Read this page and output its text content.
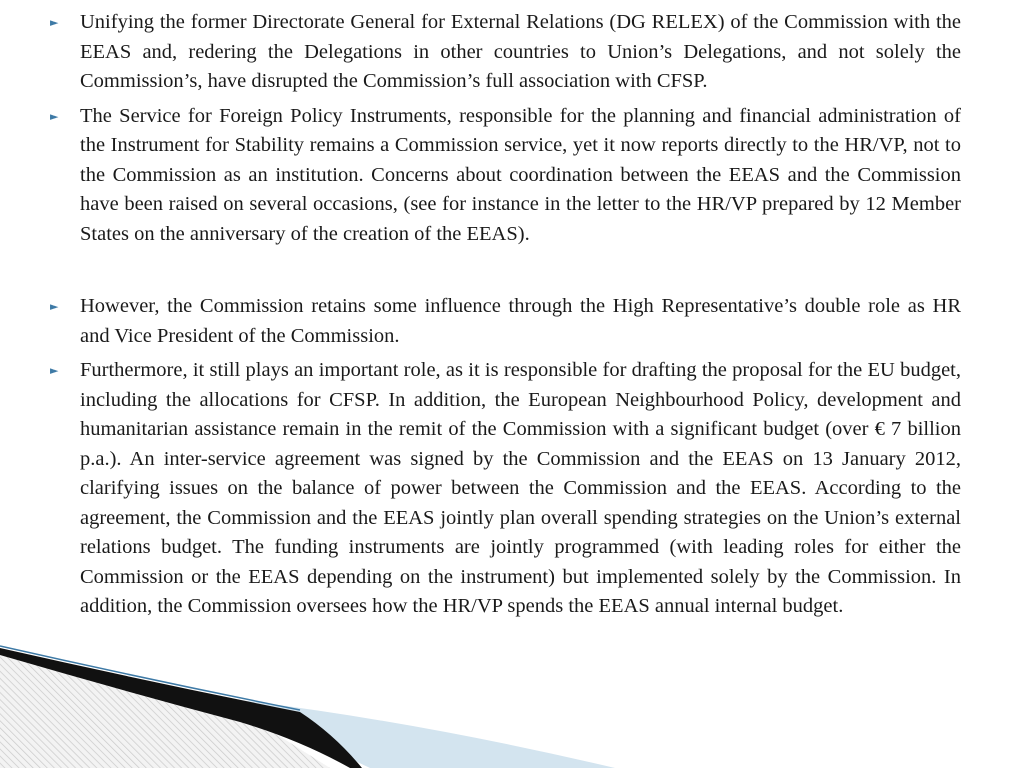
►	Unifying the former Directorate General for External Relations (DG RELEX) of the Commission with the EEAS and, redering the Delegations in other countries to Union’s Delegations, and not solely the Commission’s, have disrupted the Commission’s full association with CFSP.
►	The Service for Foreign Policy Instruments, responsible for the planning and financial administration of the Instrument for Stability remains a Commission service, yet it now reports directly to the HR/VP, not to the Commission as an institution. Concerns about coordination between the EEAS and the Commission have been raised on several occasions, (see for instance in the letter to the HR/VP prepared by 12 Member States on the anniversary of the creation of the EEAS).
►	However, the Commission retains some influence through the High Representative’s double role as HR and Vice President of the Commission.
►	Furthermore, it still plays an important role, as it is responsible for drafting the proposal for the EU budget, including the allocations for CFSP. In addition, the European Neighbourhood Policy, development and humanitarian assistance remain in the remit of the Commission with a significant budget (over € 7 billion p.a.). An inter-service agreement was signed by the Commission and the EEAS on 13 January 2012, clarifying issues on the balance of power between the Commission and the EEAS. According to the agreement, the Commission and the EEAS jointly plan overall spending strategies on the Union’s external relations budget. The funding instruments are jointly programmed (with leading roles for either the Commission or the EEAS depending on the instrument) but implemented solely by the Commission. In addition, the Commission oversees how the HR/VP spends the EEAS annual internal budget.
